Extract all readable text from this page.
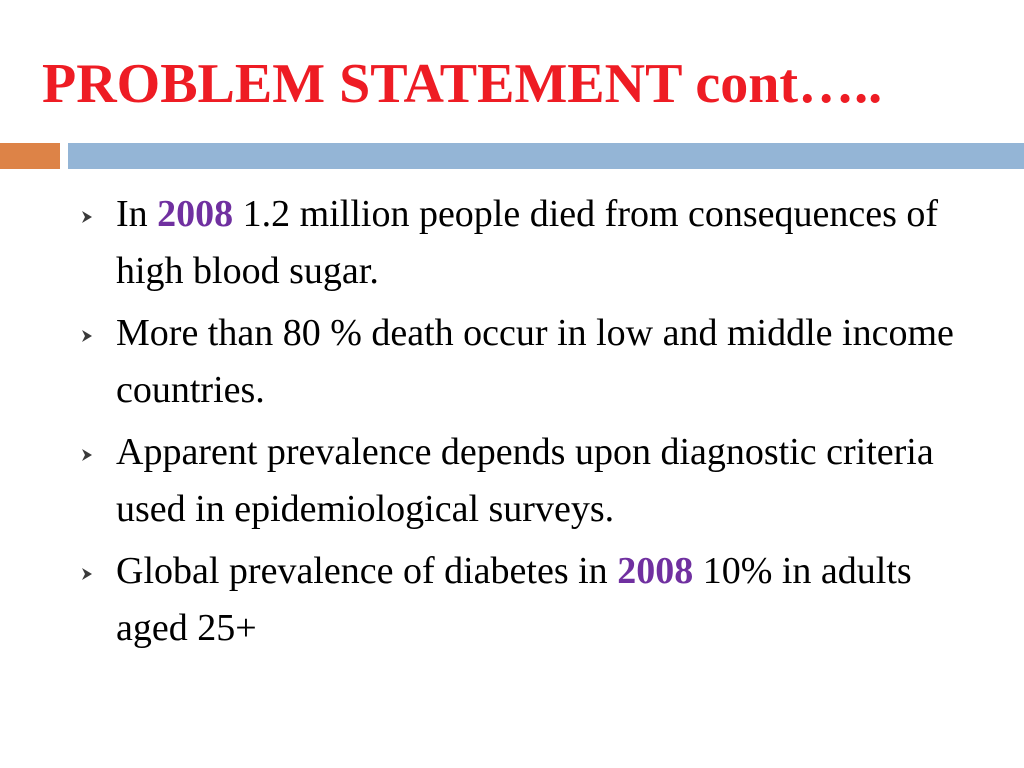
PROBLEM STATEMENT cont…..
In 2008 1.2 million people died from consequences of high blood sugar.
More than 80 % death occur in low and middle income countries.
Apparent prevalence depends upon diagnostic criteria used in epidemiological surveys.
Global prevalence of diabetes in 2008 10% in adults aged 25+
